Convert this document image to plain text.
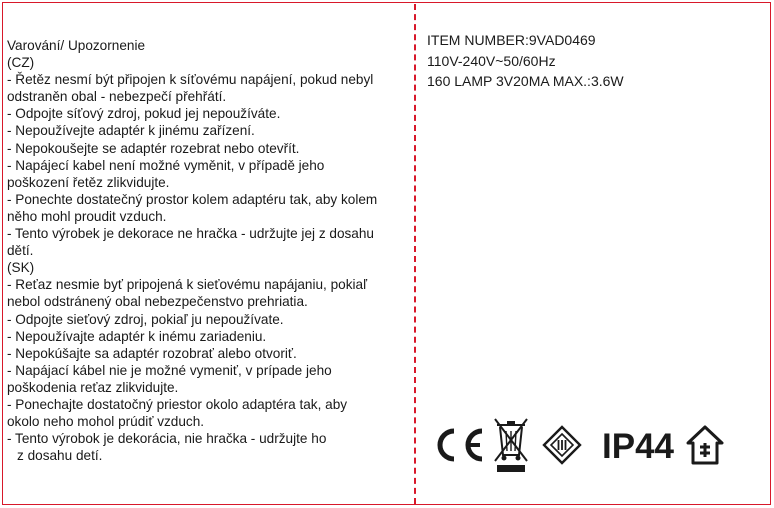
Varování/ Upozornenie
(CZ)
- Řetěz nesmí být připojen k síťovému napájení, pokud nebyl
odstraněn obal - nebezpečí přehřátí.
- Odpojte síťový zdroj, pokud jej nepoužíváte.
- Nepoužívejte adaptér k jinému zařízení.
- Nepokoušejte se adaptér rozebrat nebo otevřít.
- Napájecí kabel není možné vyměnit, v případě jeho
poškození řetěz zlikvidujte.
- Ponechte dostatečný prostor kolem adaptéru tak, aby kolem
něho mohl proudit vzduch.
- Tento výrobek je dekorace ne hračka - udržujte jej z dosahu
dětí.
(SK)
- Reťaz nesmie byť pripojená k sieťovému napájaniu, pokiaľ
nebol odstránený obal nebezpečenstvo prehriatia.
- Odpojte sieťový zdroj, pokiaľ ju nepoužívate.
- Nepoužívajte adaptér k inému zariadeniu.
- Nepokúšajte sa adaptér rozobrať alebo otvoriť.
- Napájací kábel nie je možné vymeniť, v prípade jeho
poškodenia reťaz zlikvidujte.
- Ponechajte dostatočný priestor okolo adaptéra tak, aby
okolo neho mohol prúdiť vzduch.
- Tento výrobok je dekorácia, nie hračka - udržujte ho
z dosahu detí.
ITEM NUMBER:9VAD0469
110V-240V~50/60Hz
160 LAMP 3V20MA MAX.:3.6W
IP44
